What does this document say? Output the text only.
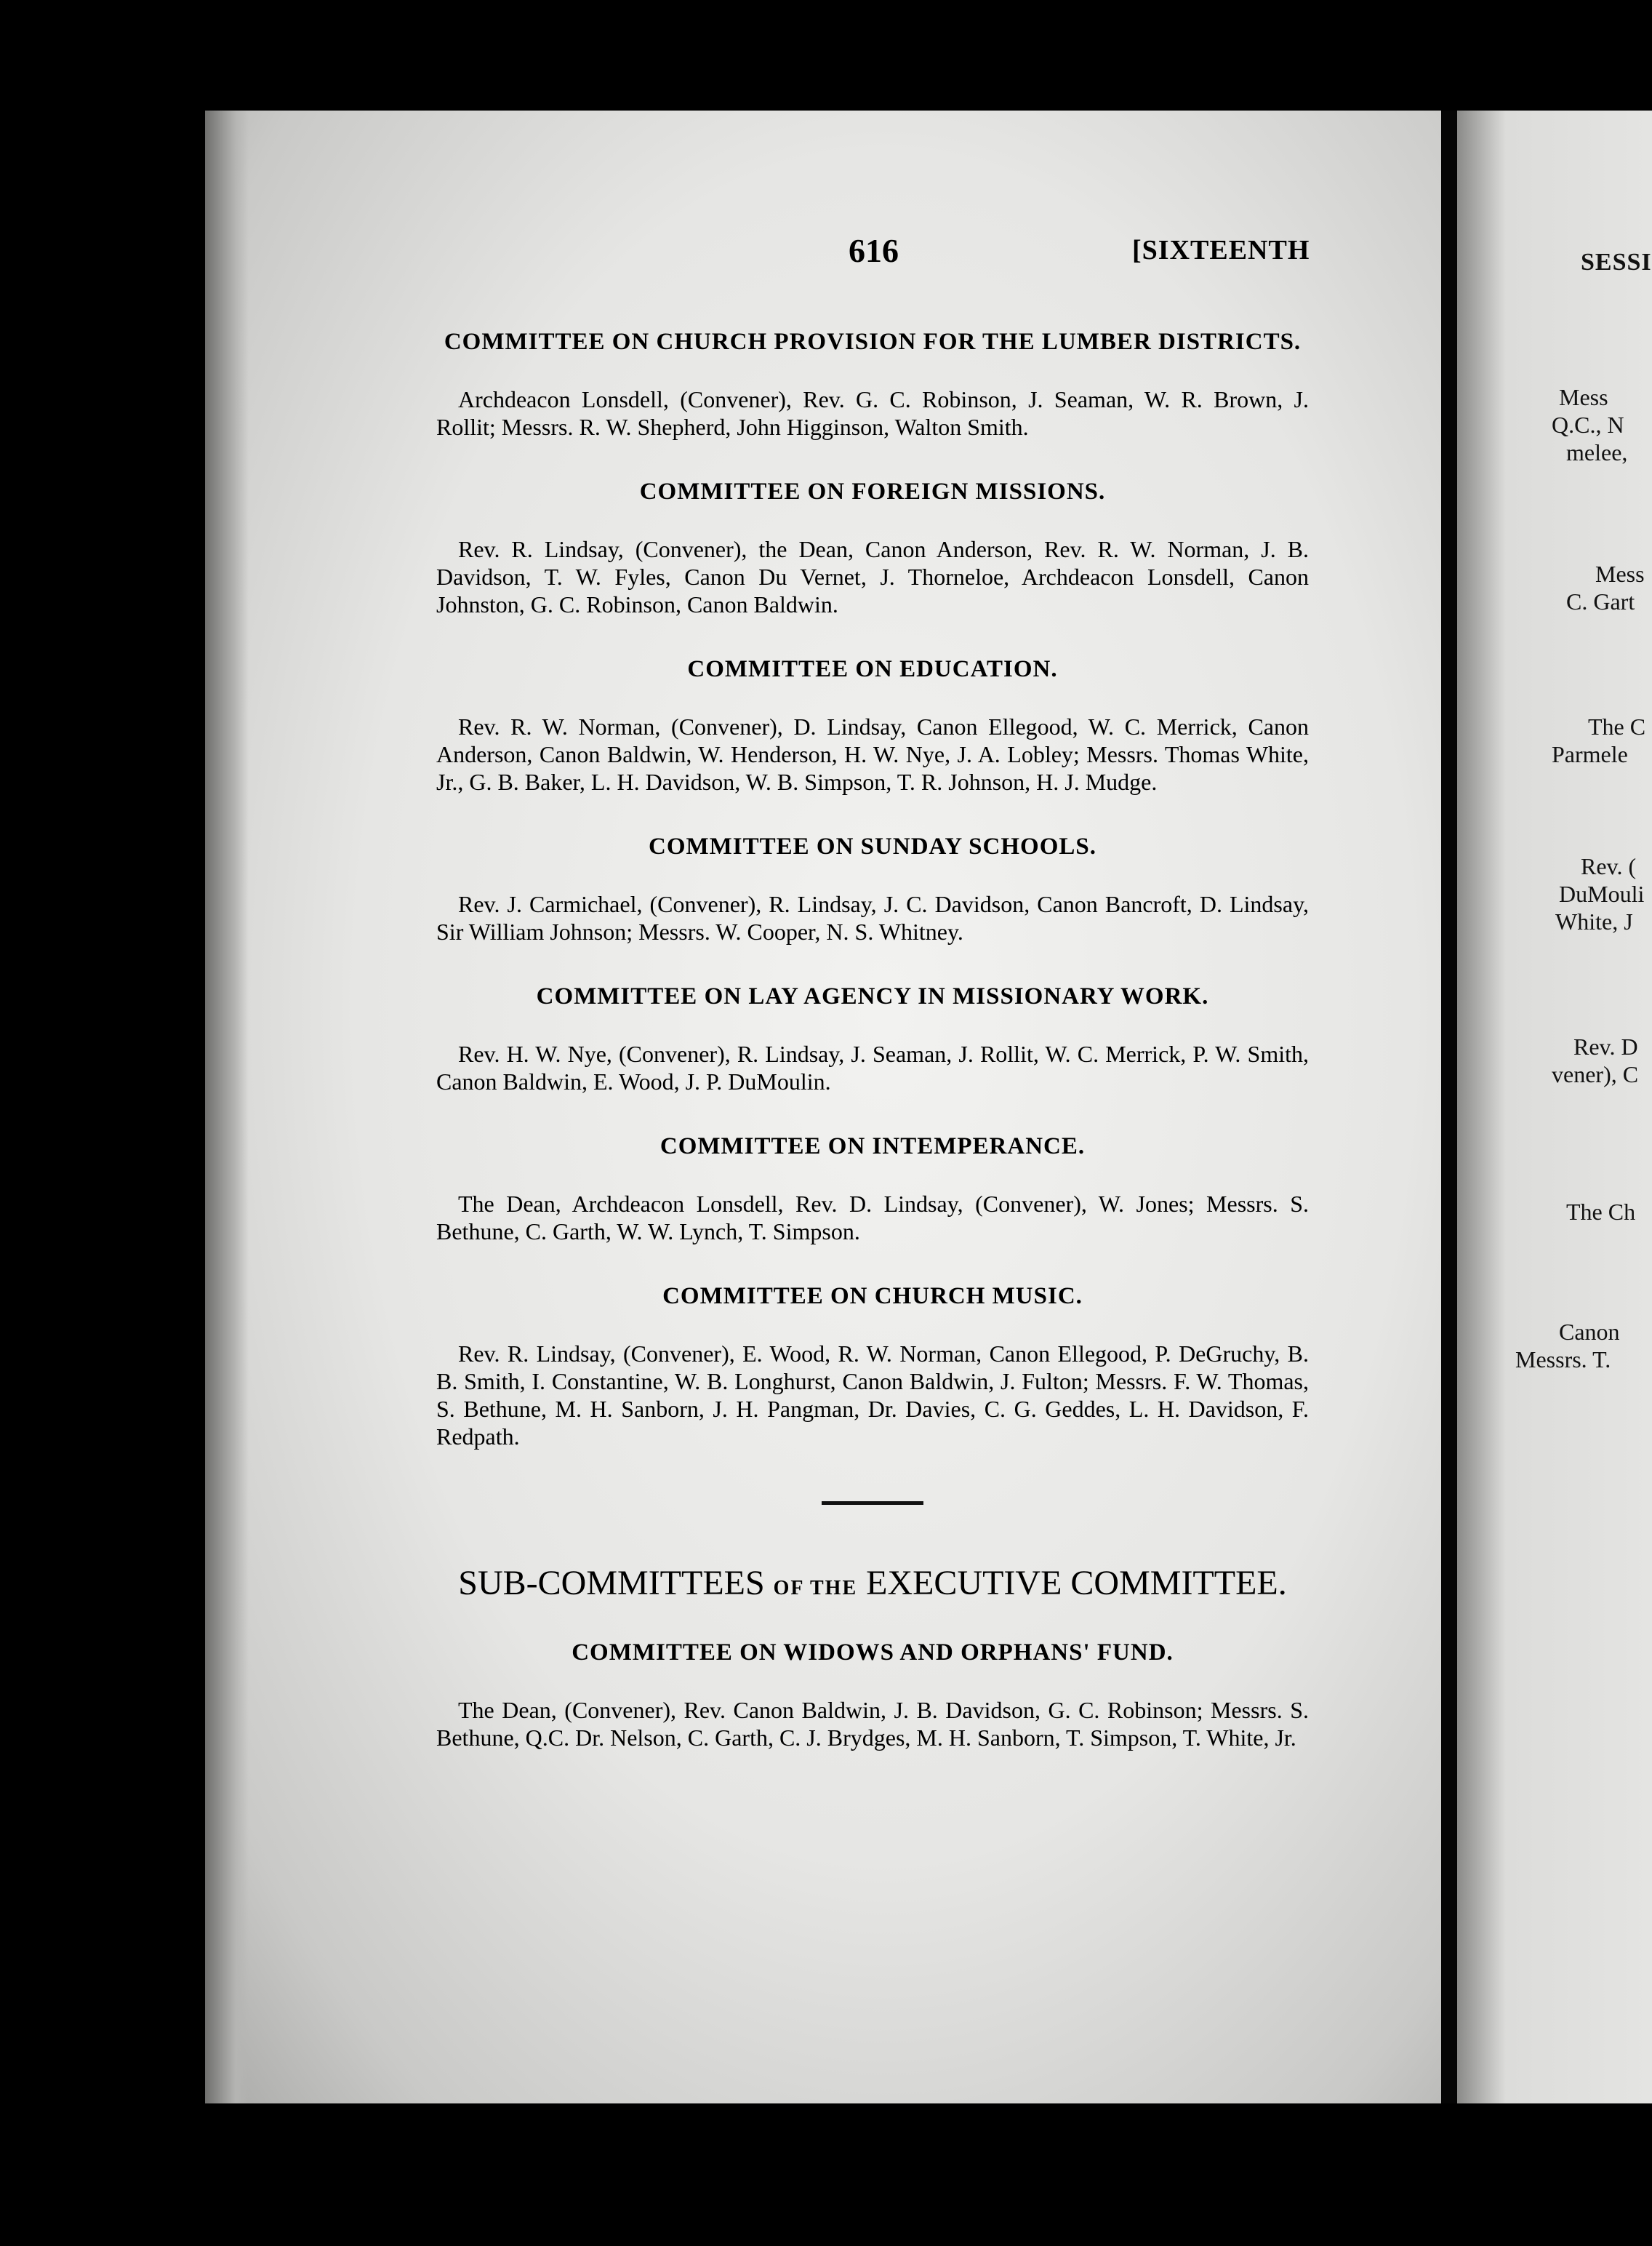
SESSI
Mess
Q.C., N
melee,
Mess
C. Gart
The C
Parmele
Rev. (
DuMouli
White, J
Rev. D
vener), C
The Ch
Canon
Messrs. T.
616	[SIXTEENTH

COMMITTEE ON CHURCH PROVISION FOR THE LUMBER DISTRICTS.

Archdeacon Lonsdell, (Convener), Rev. G. C. Robinson, J. Seaman, W. R. Brown, J. Rollit; Messrs. R. W. Shepherd, John Higginson, Walton Smith.

COMMITTEE ON FOREIGN MISSIONS.

Rev. R. Lindsay, (Convener), the Dean, Canon Anderson, Rev. R. W. Norman, J. B. Davidson, T. W. Fyles, Canon Du Vernet, J. Thorneloe, Archdeacon Lonsdell, Canon Johnston, G. C. Robinson, Canon Baldwin.

COMMITTEE ON EDUCATION.

Rev. R. W. Norman, (Convener), D. Lindsay, Canon Ellegood, W. C. Merrick, Canon Anderson, Canon Baldwin, W. Henderson, H. W. Nye, J. A. Lobley; Messrs. Thomas White, Jr., G. B. Baker, L. H. Davidson, W. B. Simpson, T. R. Johnson, H. J. Mudge.

COMMITTEE ON SUNDAY SCHOOLS.

Rev. J. Carmichael, (Convener), R. Lindsay, J. C. Davidson, Canon Bancroft, D. Lindsay, Sir William Johnson; Messrs. W. Cooper, N. S. Whitney.

COMMITTEE ON LAY AGENCY IN MISSIONARY WORK.

Rev. H. W. Nye, (Convener), R. Lindsay, J. Seaman, J. Rollit, W. C. Merrick, P. W. Smith, Canon Baldwin, E. Wood, J. P. DuMoulin.

COMMITTEE ON INTEMPERANCE.

The Dean, Archdeacon Lonsdell, Rev. D. Lindsay, (Convener), W. Jones; Messrs. S. Bethune, C. Garth, W. W. Lynch, T. Simpson.

COMMITTEE ON CHURCH MUSIC.

Rev. R. Lindsay, (Convener), E. Wood, R. W. Norman, Canon Ellegood, P. DeGruchy, B. B. Smith, I. Constantine, W. B. Longhurst, Canon Baldwin, J. Fulton; Messrs. F. W. Thomas, S. Bethune, M. H. Sanborn, J. H. Pangman, Dr. Davies, C. G. Geddes, L. H. Davidson, F. Redpath.

SUB-COMMITTEES OF THE EXECUTIVE COMMITTEE.

COMMITTEE ON WIDOWS AND ORPHANS' FUND.

The Dean, (Convener), Rev. Canon Baldwin, J. B. Davidson, G. C. Robinson; Messrs. S. Bethune, Q.C. Dr. Nelson, C. Garth, C. J. Brydges, M. H. Sanborn, T. Simpson, T. White, Jr.
